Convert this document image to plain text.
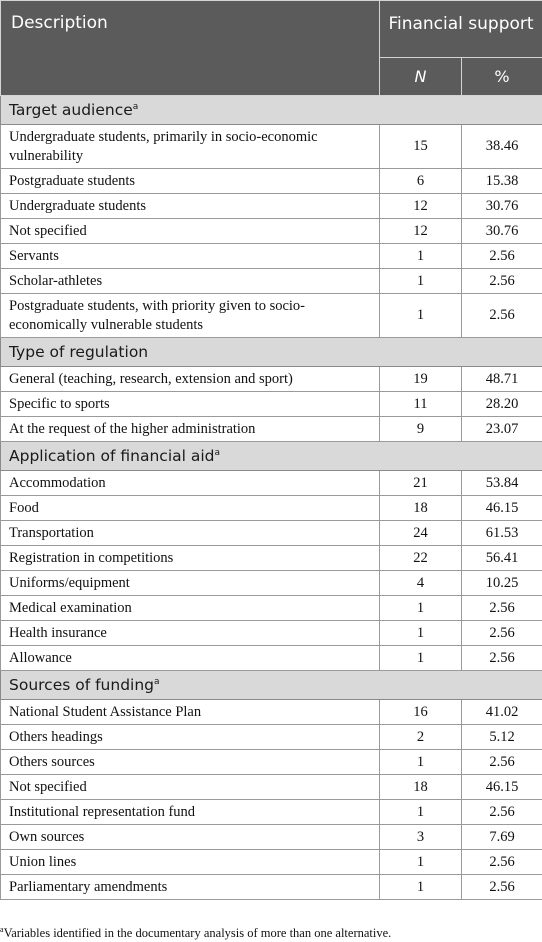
Description	Financial support	
	N	%
Target audience$^a$
Undergraduate students, primarily in socio-economic vulnerability	15	38.46
Postgraduate students	6	15.38
Undergraduate students	12	30.76
Not specified	12	30.76
Servants	1	2.56
Scholar-athletes	1	2.56
Postgraduate students, with priority given to socio-economically vulnerable students	1	2.56
Type of regulation		
General (teaching, research, extension and sport)	19	48.71
Specific to sports	11	28.20
At the request of the higher administration	9	23.07
Application of financial aid$^a$
Accommodation	21	53.84
Food	18	46.15
Transportation	24	61.53
Registration in competitions	22	56.41
Uniforms/equipment	4	10.25
Medical examination	1	2.56
Health insurance	1	2.56
Allowance	1	2.56
Sources of funding$^a$
National Student Assistance Plan	16	41.02
Others headings	2	5.12
Others sources	1	2.56
Not specified	18	46.15
Institutional representation fund	1	2.56
Own sources	3	7.69
Union lines	1	2.56
Parliamentary amendments	1	2.56
$^a$Variables identified in the documentary analysis of more than one alternative.
